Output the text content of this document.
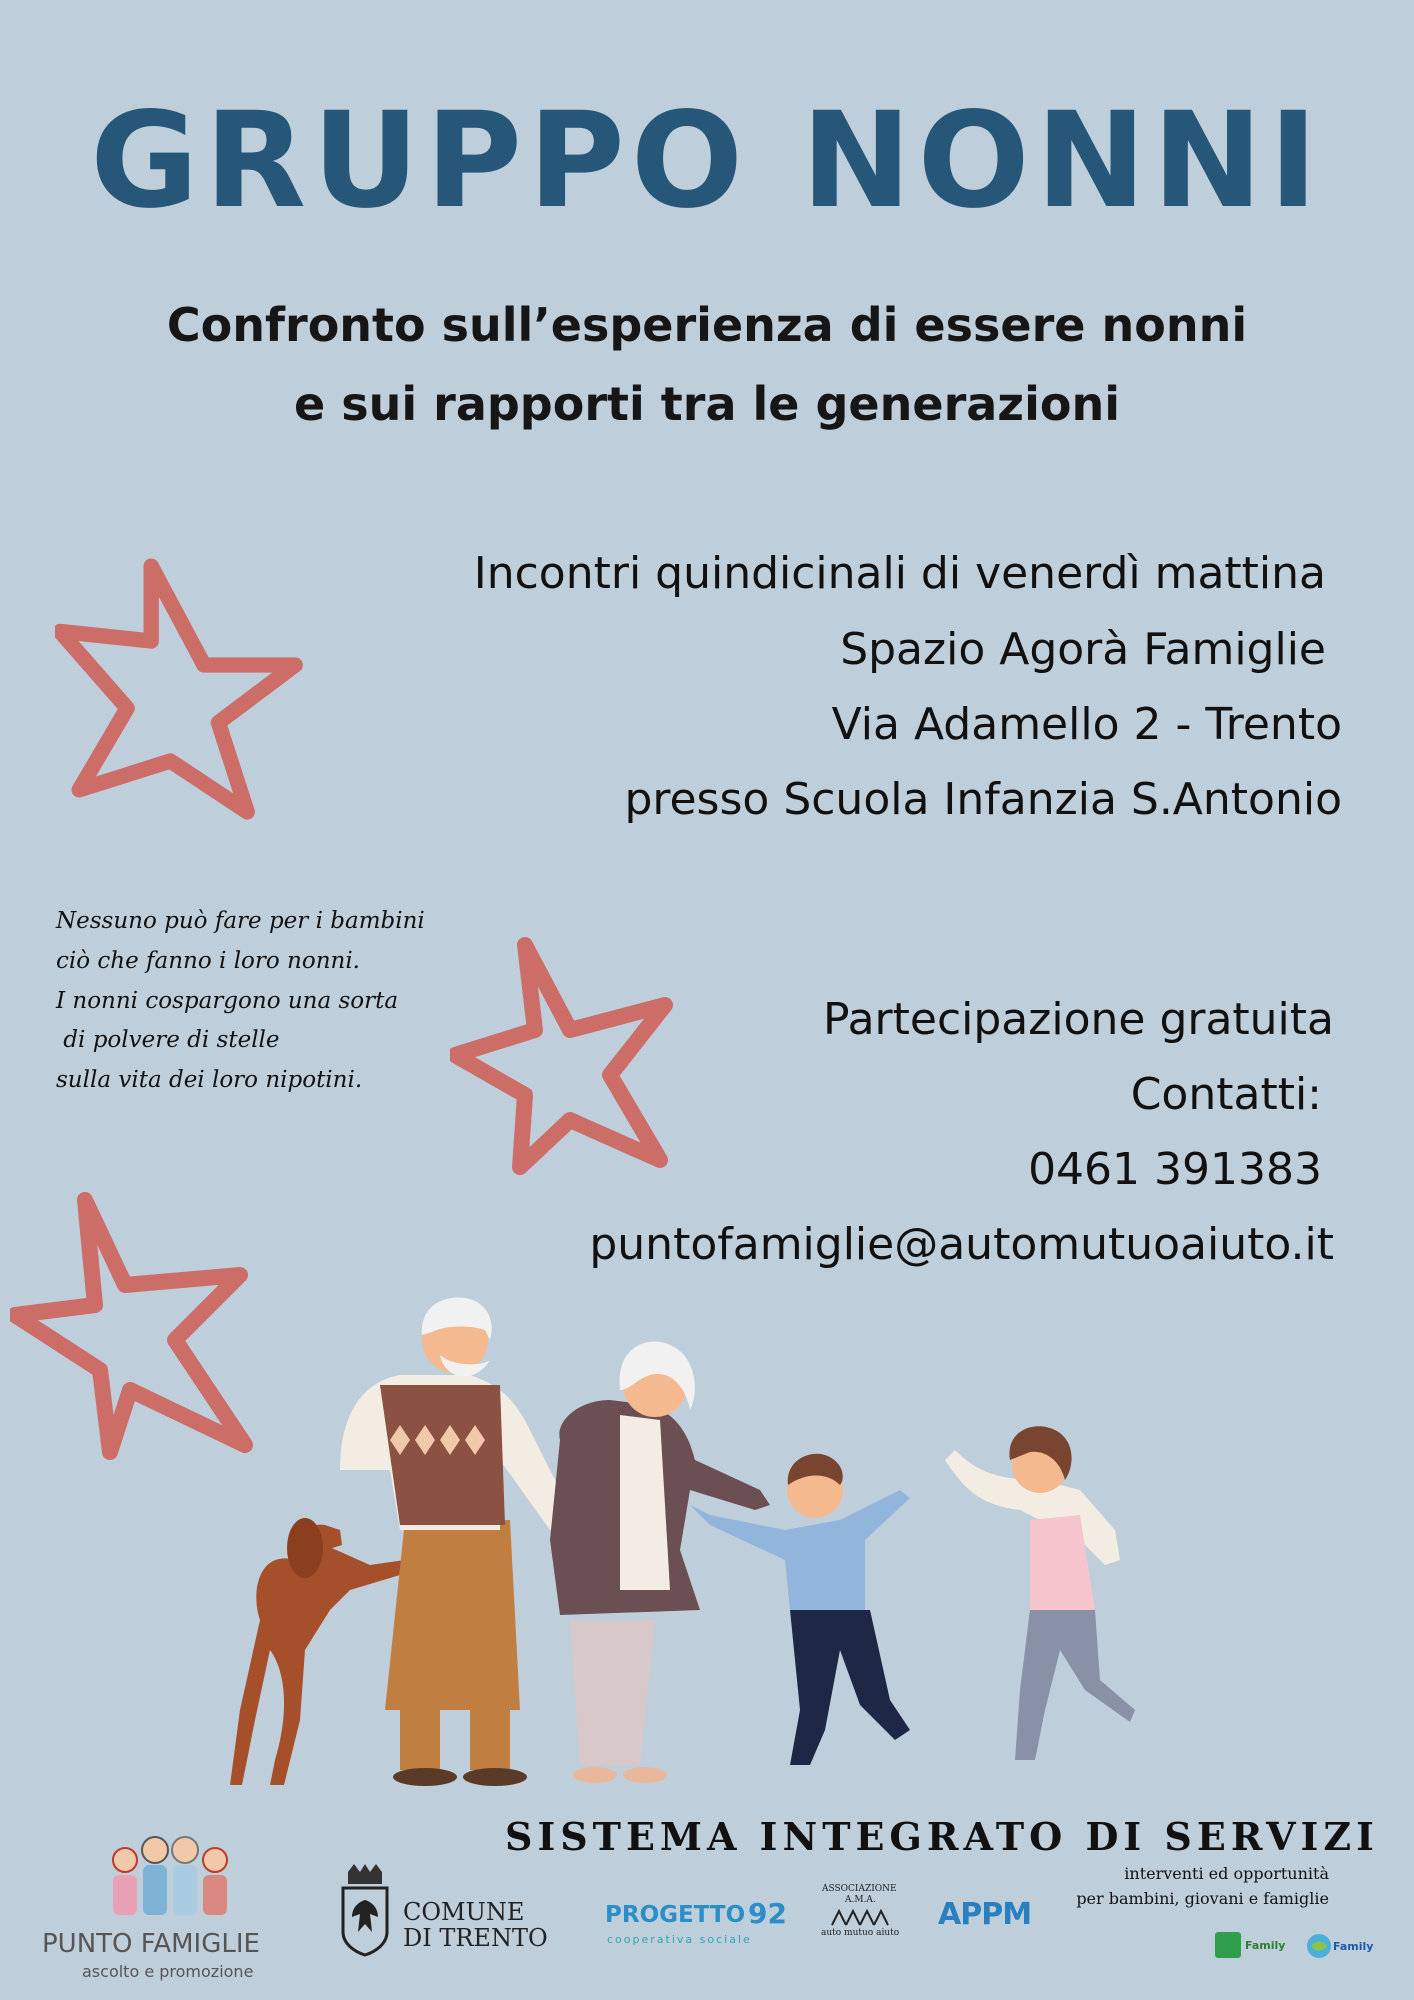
GRUPPO NONNI
Confronto sull’esperienza di essere nonni
e sui rapporti tra le generazioni
Incontri quindicinali di venerdì mattina
Spazio Agorà Famiglie
Via Adamello 2 - Trento
presso Scuola Infanzia S.Antonio
Nessuno può fare per i bambini
ciò che fanno i loro nonni.
I nonni cospargono una sorta
di polvere di stelle
sulla vita dei loro nipotini.
Partecipazione gratuita
Contatti:
0461 391383
puntofamiglie@automutuoaiuto.it
SISTEMA INTEGRATO DI SERVIZI
interventi ed opportunità
per bambini, giovani e famiglie
PUNTO FAMIGLIE
ascolto e promozione
COMUNE
DI TRENTO
PROGETTO 92
cooperativa sociale
ASSOCIAZIONE
A.M.A.
auto mutuo aiuto
APPM
Family	Family
